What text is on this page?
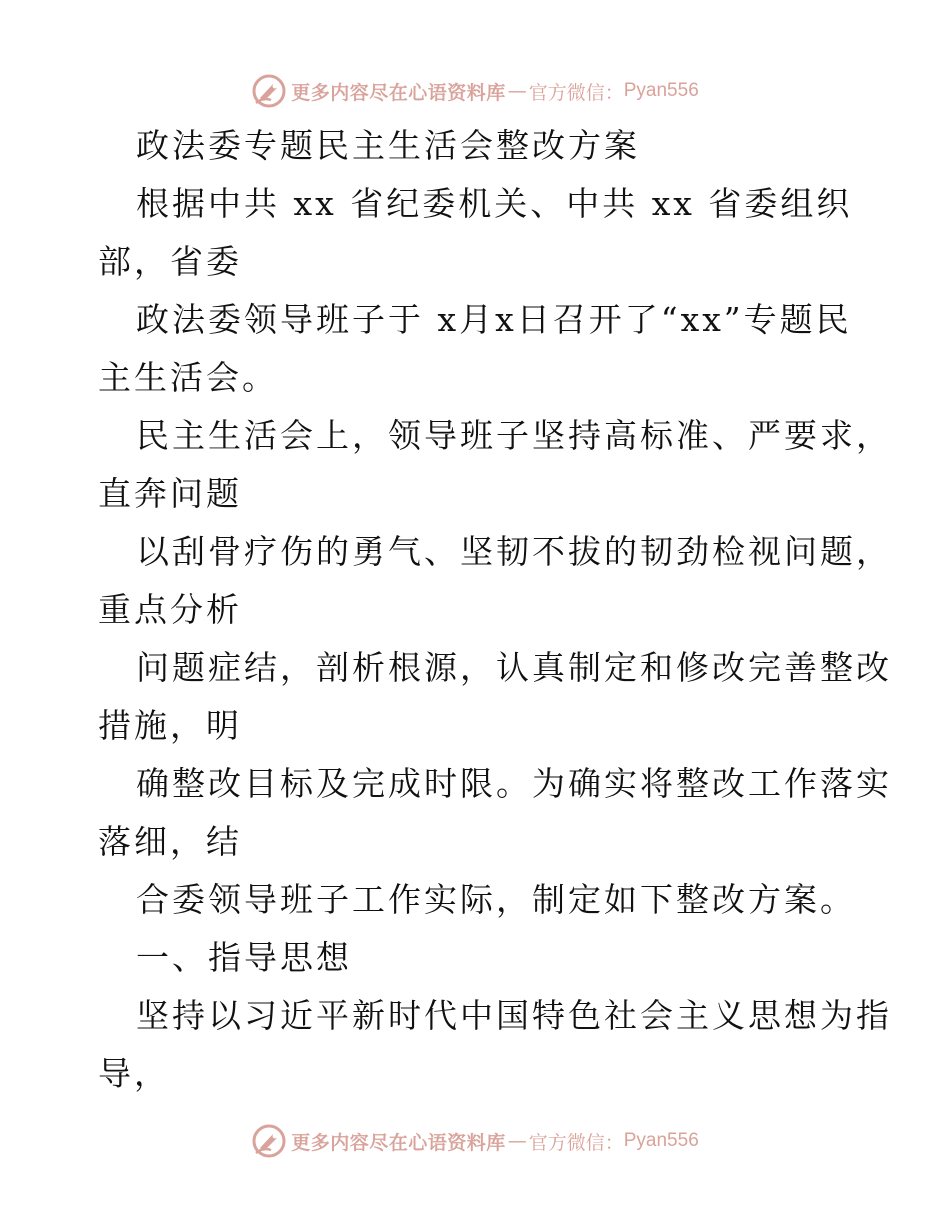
更多内容尽在心语资料库 — 官方微信： Pyan556
政法委专题民主生活会整改方案
根据中共 xx 省纪委机关、中共 xx 省委组织
部，省委
政法委领导班子于 x月x日召开了“xx”专题民
主生活会。
民主生活会上，领导班子坚持高标准、严要求，
直奔问题
以刮骨疗伤的勇气、坚韧不拔的韧劲检视问题，
重点分析
问题症结，剖析根源，认真制定和修改完善整改
措施，明
确整改目标及完成时限。为确实将整改工作落实
落细，结
合委领导班子工作实际，制定如下整改方案。
一、指导思想
坚持以习近平新时代中国特色社会主义思想为指
导，
更多内容尽在心语资料库 — 官方微信： Pyan556
